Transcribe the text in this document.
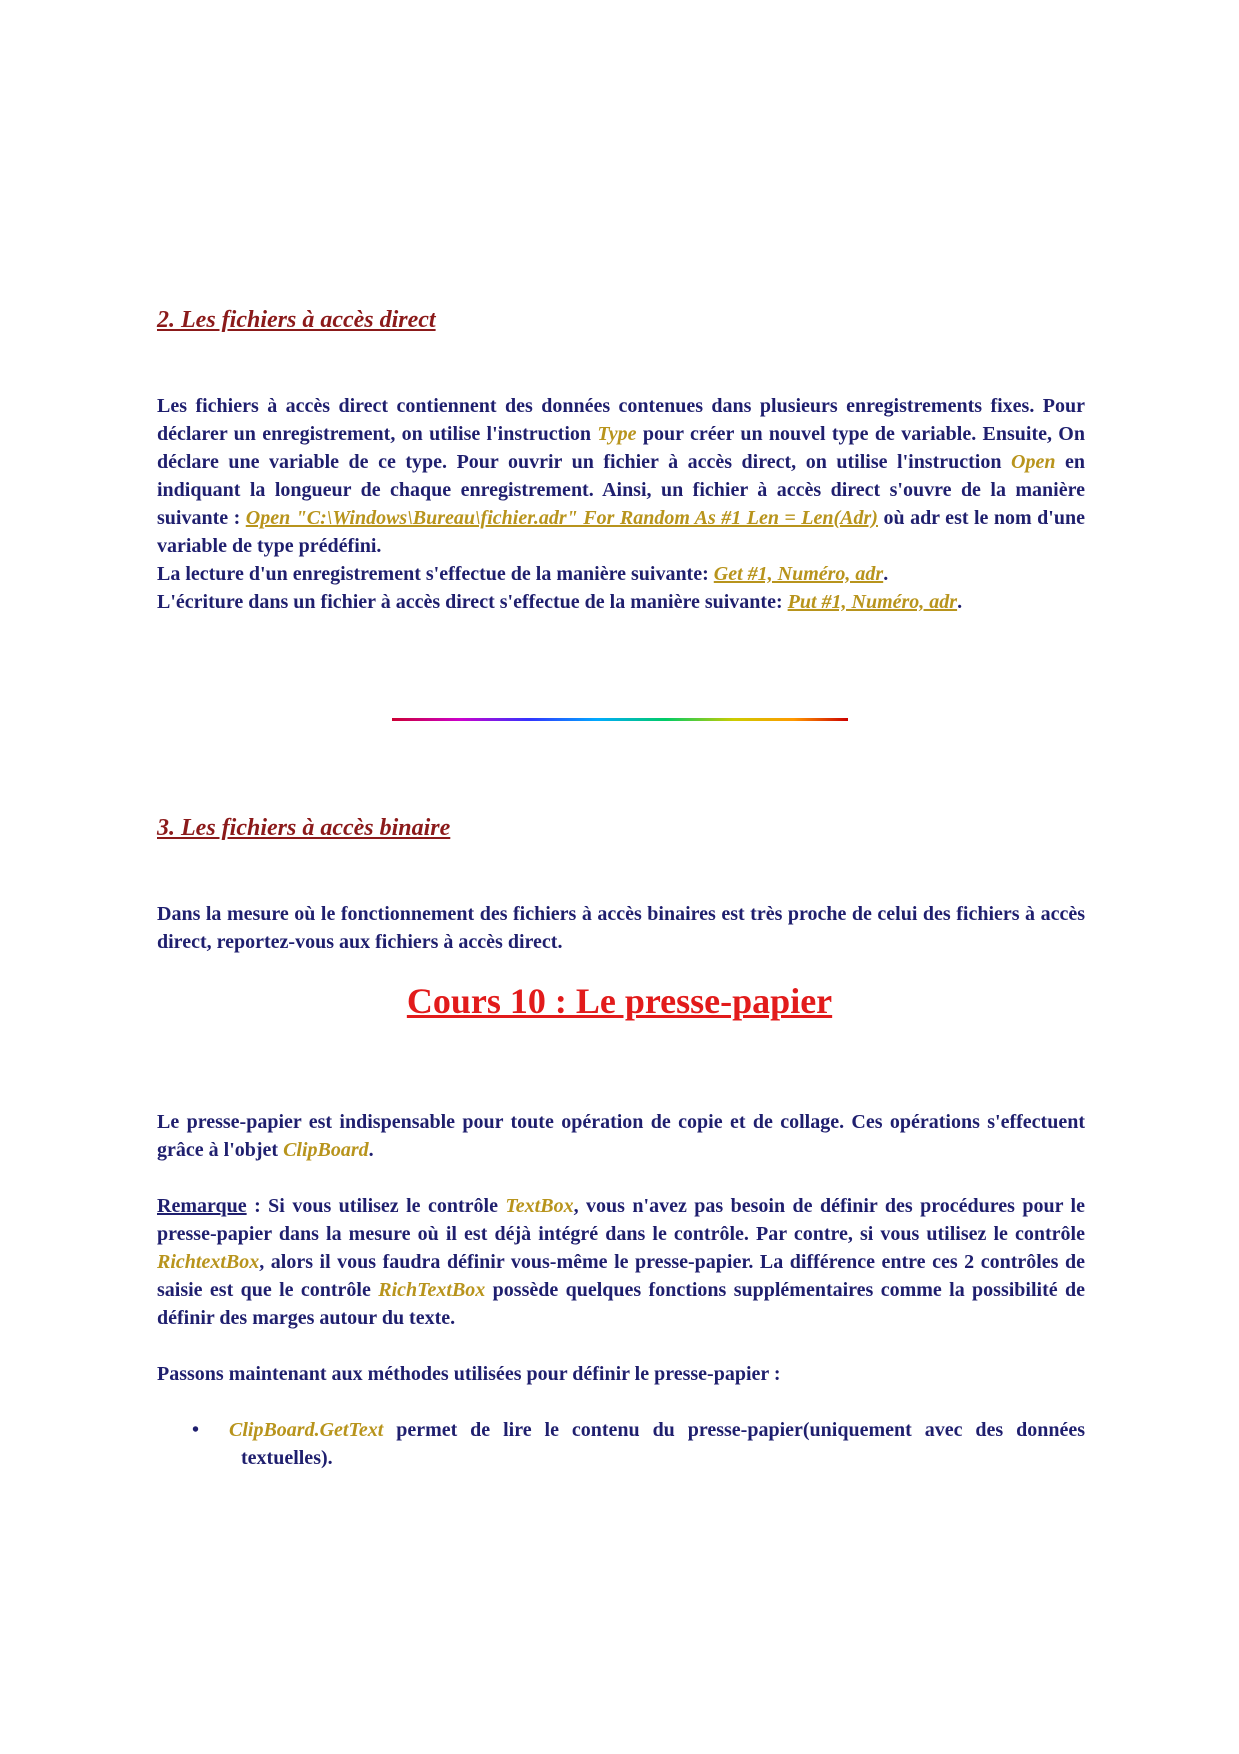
2. Les fichiers à accès direct

Les fichiers à accès direct contiennent des données contenues dans plusieurs enregistrements fixes. Pour déclarer un enregistrement, on utilise l'instruction Type pour créer un nouvel type de variable. Ensuite, On déclare une variable de ce type. Pour ouvrir un fichier à accès direct, on utilise l'instruction Open en indiquant la longueur de chaque enregistrement. Ainsi, un fichier à accès direct s'ouvre de la manière suivante : Open "C:\Windows\Bureau\fichier.adr" For Random As #1 Len = Len(Adr) où adr est le nom d'une variable de type prédéfini.

La lecture d'un enregistrement s'effectue de la manière suivante: Get #1, Numéro, adr.

L'écriture dans un fichier à accès direct s'effectue de la manière suivante: Put #1, Numéro, adr.

3. Les fichiers à accès binaire

Dans la mesure où le fonctionnement des fichiers à accès binaires est très proche de celui des fichiers à accès direct, reportez-vous aux fichiers à accès direct.

Cours 10 : Le presse-papier

Le presse-papier est indispensable pour toute opération de copie et de collage. Ces opérations s'effectuent grâce à l'objet ClipBoard.

Remarque : Si vous utilisez le contrôle TextBox, vous n'avez pas besoin de définir des procédures pour le presse-papier dans la mesure où il est déjà intégré dans le contrôle. Par contre, si vous utilisez le contrôle RichtextBox, alors il vous faudra définir vous-même le presse-papier. La différence entre ces 2 contrôles de saisie est que le contrôle RichTextBox possède quelques fonctions supplémentaires comme la possibilité de définir des marges autour du texte.

Passons maintenant aux méthodes utilisées pour définir le presse-papier :

• ClipBoard.GetText permet de lire le contenu du presse-papier(uniquement avec des données textuelles).
